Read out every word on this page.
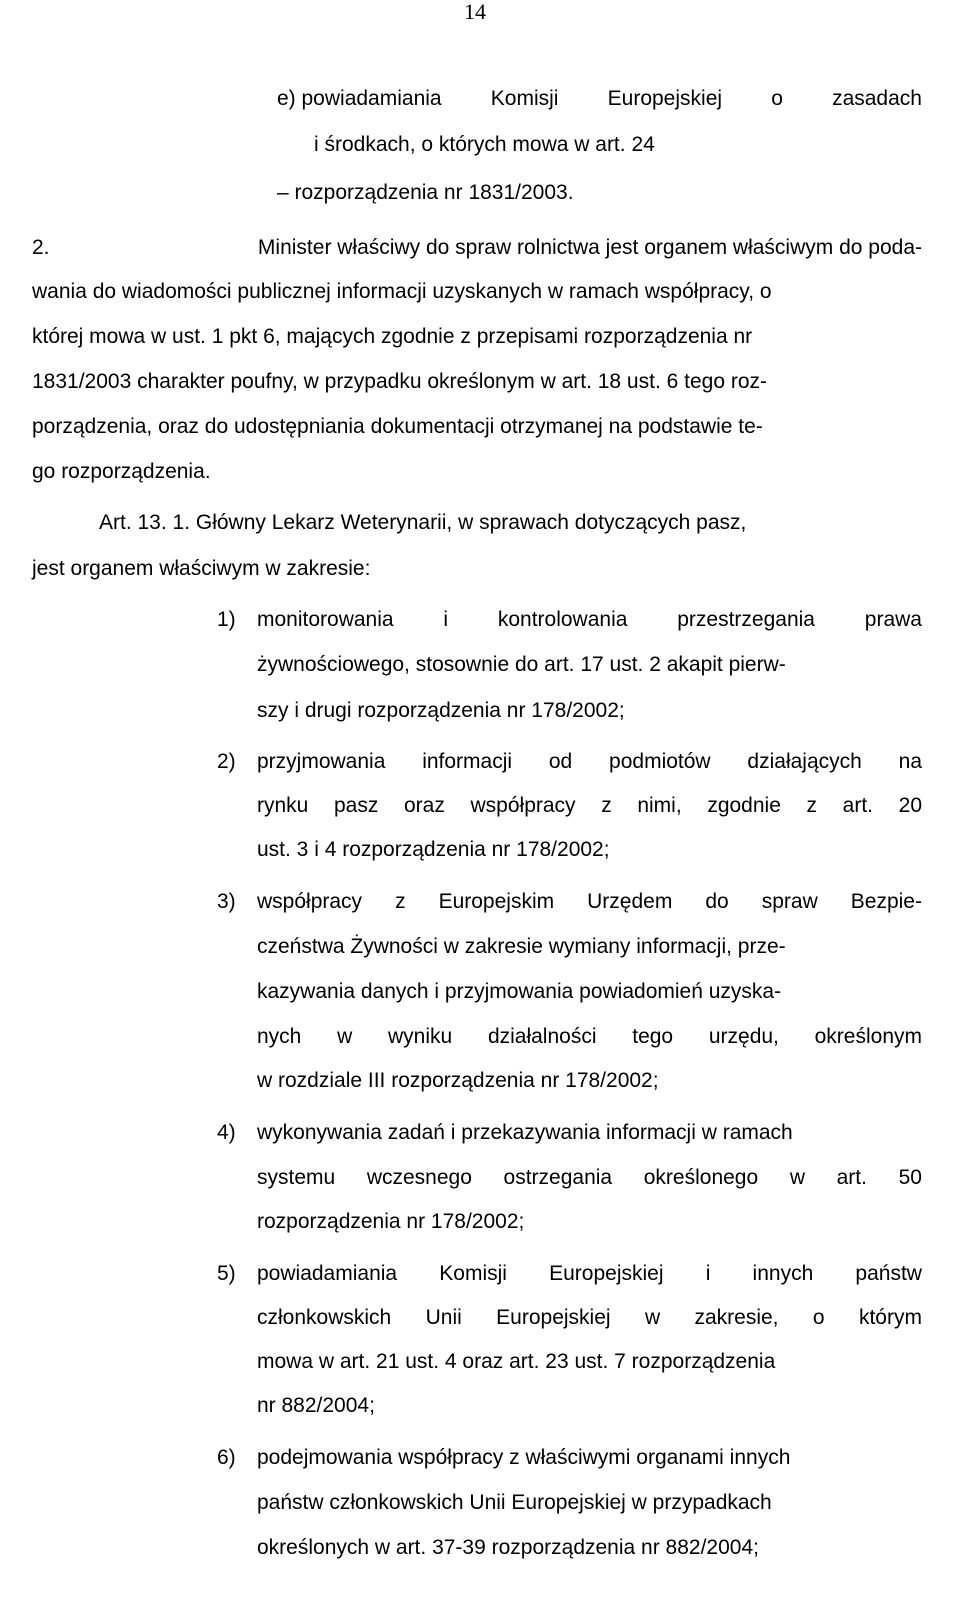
14
e) powiadamiania Komisji Europejskiej o zasadach
i środkach, o których mowa w art. 24
– rozporządzenia nr 1831/2003.
2.	Minister właściwy do spraw rolnictwa jest organem właściwym do poda-
wania do wiadomości publicznej informacji uzyskanych w ramach współpracy, o
której mowa w ust. 1 pkt 6, mających zgodnie z przepisami rozporządzenia nr
1831/2003 charakter poufny, w przypadku określonym w art. 18 ust. 6 tego roz-
porządzenia, oraz do udostępniania dokumentacji otrzymanej na podstawie te-
go rozporządzenia.
Art. 13. 1. Główny Lekarz Weterynarii, w sprawach dotyczących pasz,
jest organem właściwym w zakresie:
1) monitorowania i kontrolowania przestrzegania prawa
żywnościowego, stosownie do art. 17 ust. 2 akapit pierw-
szy i drugi rozporządzenia nr 178/2002;
2) przyjmowania informacji od podmiotów działających na
rynku pasz oraz współpracy z nimi, zgodnie z art. 20
ust. 3 i 4 rozporządzenia nr 178/2002;
3) współpracy z Europejskim Urzędem do spraw Bezpie-
czeństwa Żywności w zakresie wymiany informacji, prze-
kazywania danych i przyjmowania powiadomień uzyska-
nych w wyniku działalności tego urzędu, określonym
w rozdziale III rozporządzenia nr 178/2002;
4) wykonywania zadań i przekazywania informacji w ramach
systemu wczesnego ostrzegania określonego w art. 50
rozporządzenia nr 178/2002;
5) powiadamiania Komisji Europejskiej i innych państw
członkowskich Unii Europejskiej w zakresie, o którym
mowa w art. 21 ust. 4 oraz art. 23 ust. 7 rozporządzenia
nr 882/2004;
6) podejmowania współpracy z właściwymi organami innych
państw członkowskich Unii Europejskiej w przypadkach
określonych w art. 37-39 rozporządzenia nr 882/2004;
